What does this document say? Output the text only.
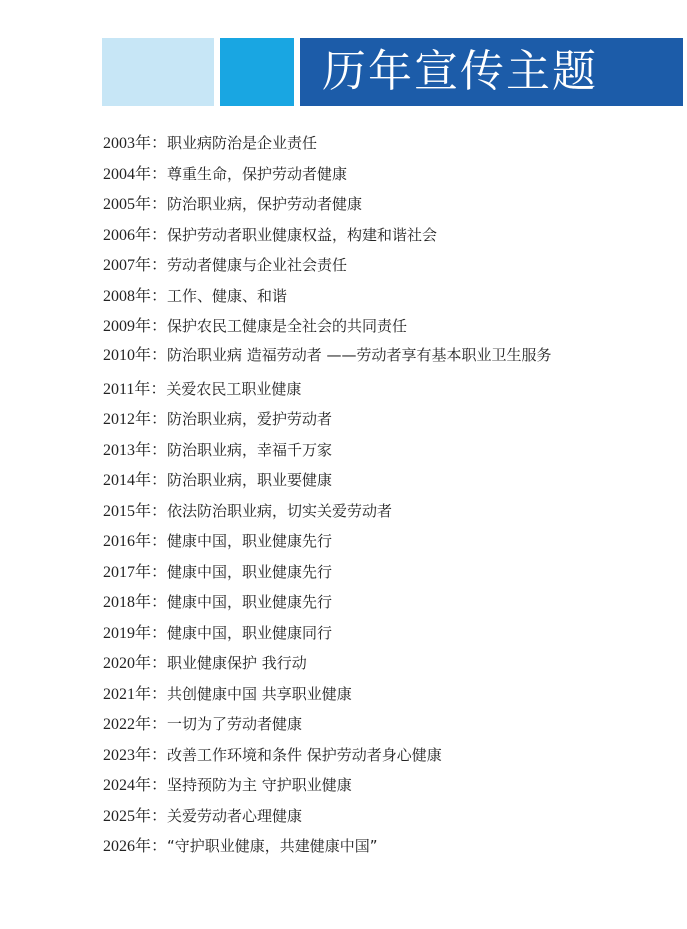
历年宣传主题
2003年：职业病防治是企业责任
2004年：尊重生命，保护劳动者健康
2005年：防治职业病，保护劳动者健康
2006年：保护劳动者职业健康权益，构建和谐社会
2007年：劳动者健康与企业社会责任
2008年：工作、健康、和谐
2009年：保护农民工健康是全社会的共同责任
2010年：防治职业病 造福劳动者 ——劳动者享有基本职业卫生服务
2011年：关爱农民工职业健康
2012年：防治职业病，爱护劳动者
2013年：防治职业病，幸福千万家
2014年：防治职业病，职业要健康
2015年：依法防治职业病，切实关爱劳动者
2016年：健康中国，职业健康先行
2017年：健康中国，职业健康先行
2018年：健康中国，职业健康先行
2019年：健康中国，职业健康同行
2020年：职业健康保护 我行动
2021年：共创健康中国 共享职业健康
2022年：一切为了劳动者健康
2023年：改善工作环境和条件 保护劳动者身心健康
2024年：坚持预防为主 守护职业健康
2025年：关爱劳动者心理健康
2026年：“守护职业健康，共建健康中国”
